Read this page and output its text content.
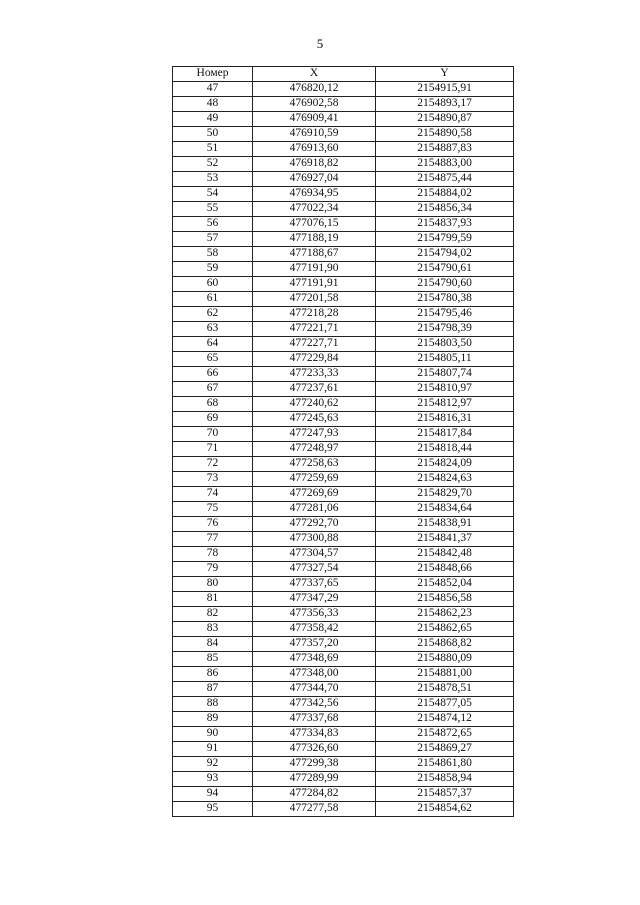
5
Номер	X	Y
47	476820,12	2154915,91
48	476902,58	2154893,17
49	476909,41	2154890,87
50	476910,59	2154890,58
51	476913,60	2154887,83
52	476918,82	2154883,00
53	476927,04	2154875,44
54	476934,95	2154884,02
55	477022,34	2154856,34
56	477076,15	2154837,93
57	477188,19	2154799,59
58	477188,67	2154794,02
59	477191,90	2154790,61
60	477191,91	2154790,60
61	477201,58	2154780,38
62	477218,28	2154795,46
63	477221,71	2154798,39
64	477227,71	2154803,50
65	477229,84	2154805,11
66	477233,33	2154807,74
67	477237,61	2154810,97
68	477240,62	2154812,97
69	477245,63	2154816,31
70	477247,93	2154817,84
71	477248,97	2154818,44
72	477258,63	2154824,09
73	477259,69	2154824,63
74	477269,69	2154829,70
75	477281,06	2154834,64
76	477292,70	2154838,91
77	477300,88	2154841,37
78	477304,57	2154842,48
79	477327,54	2154848,66
80	477337,65	2154852,04
81	477347,29	2154856,58
82	477356,33	2154862,23
83	477358,42	2154862,65
84	477357,20	2154868,82
85	477348,69	2154880,09
86	477348,00	2154881,00
87	477344,70	2154878,51
88	477342,56	2154877,05
89	477337,68	2154874,12
90	477334,83	2154872,65
91	477326,60	2154869,27
92	477299,38	2154861,80
93	477289,99	2154858,94
94	477284,82	2154857,37
95	477277,58	2154854,62
